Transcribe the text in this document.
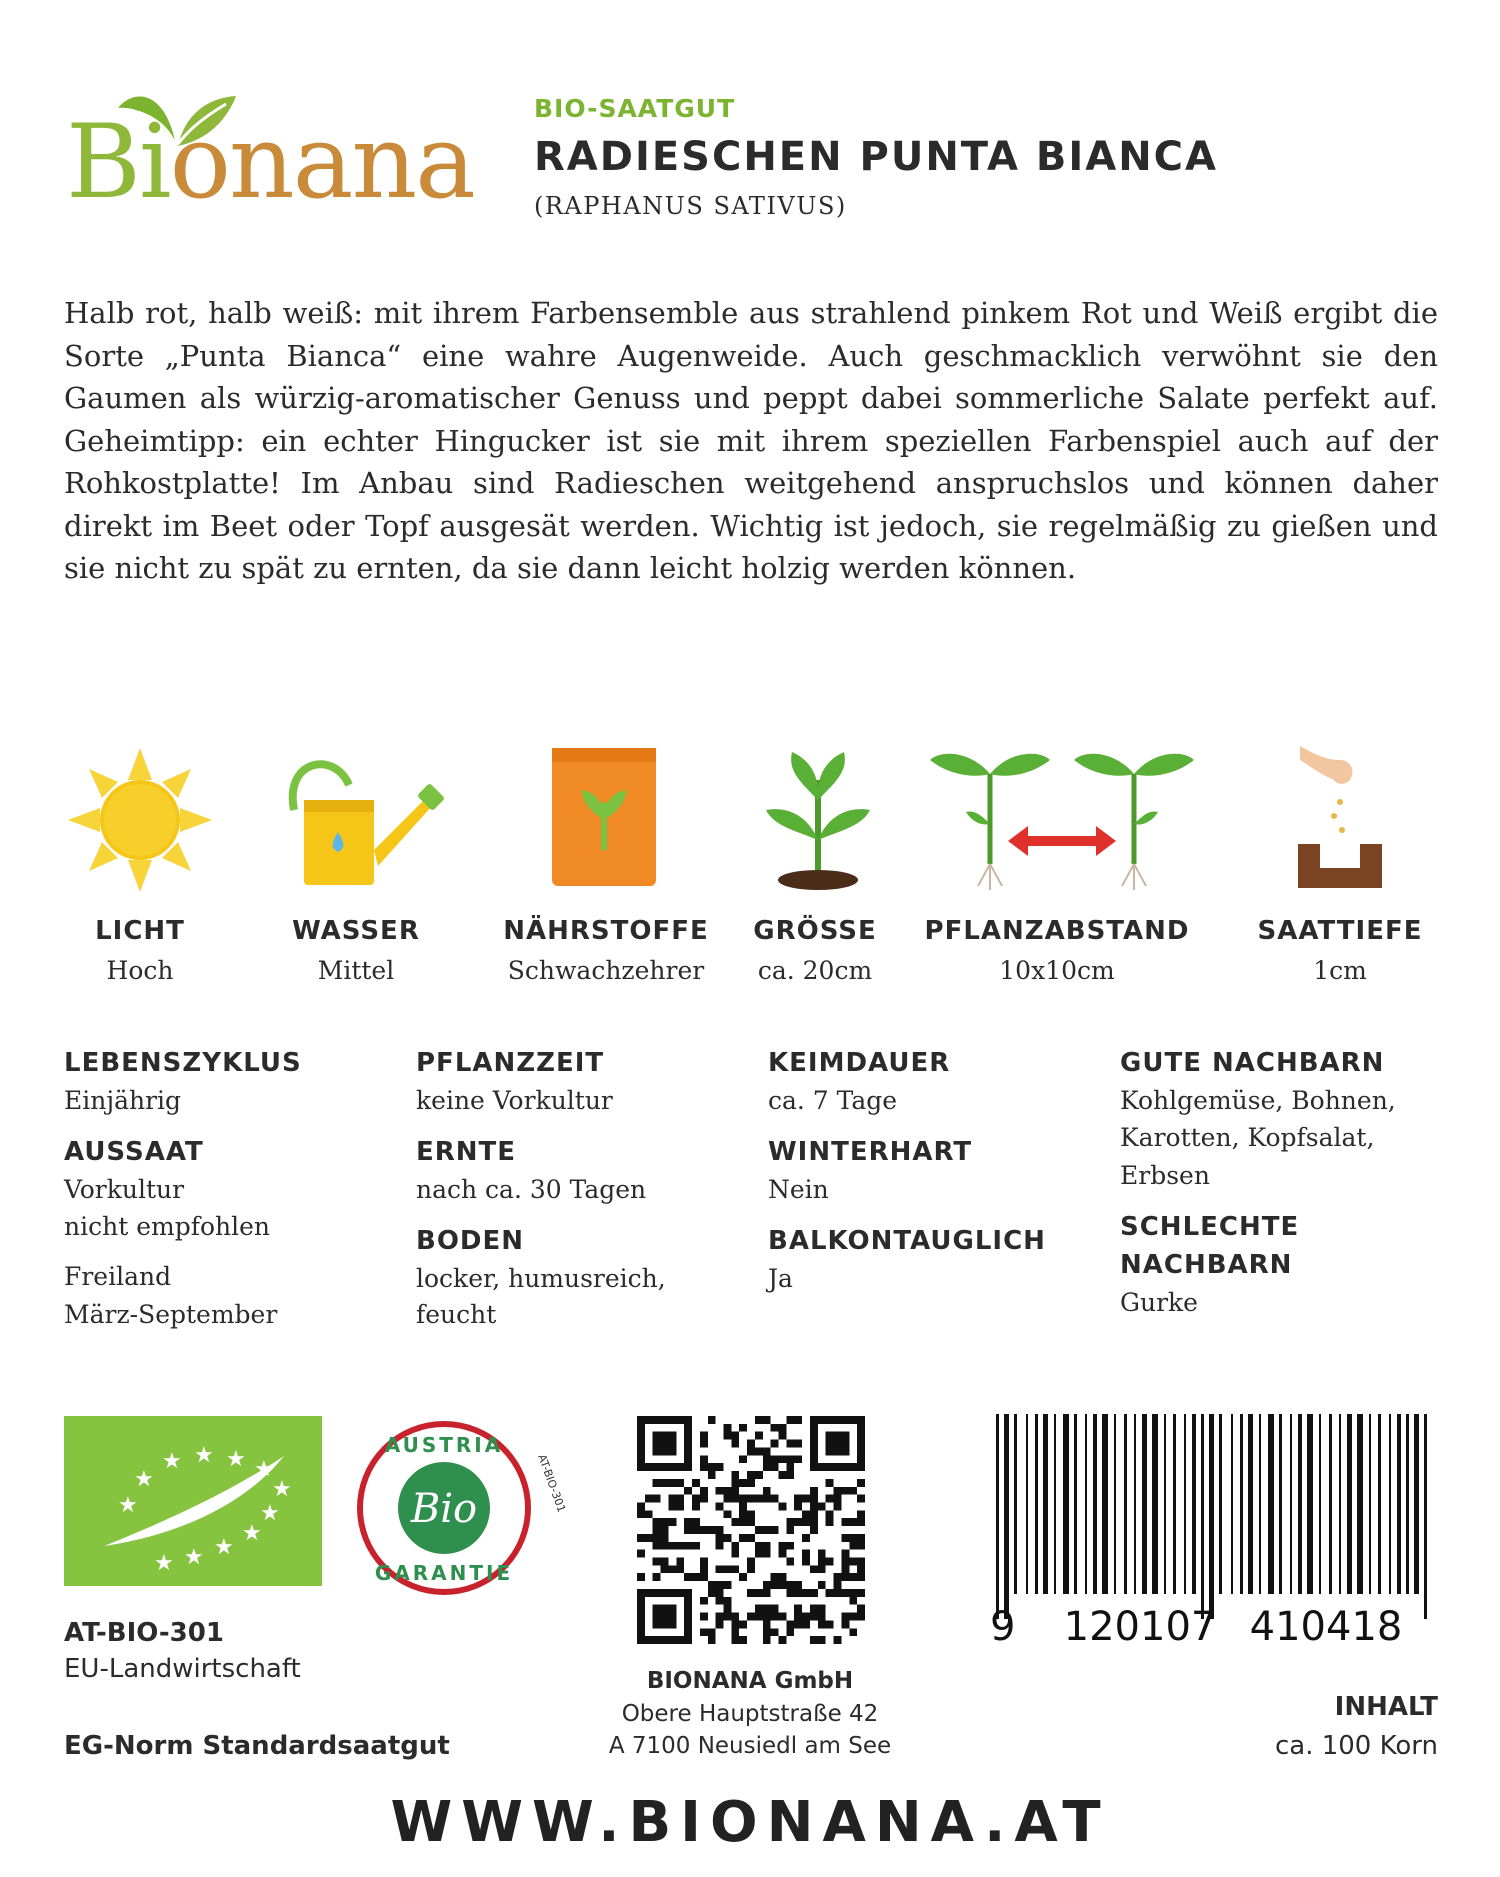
Bionana BIO-SAATGUT
RADIESCHEN PUNTA BIANCA
(RAPHANUS SATIVUS)
Halb rot, halb weiß: mit ihrem Farbensemble aus strahlend pinkem Rot und Weiß ergibt die Sorte „Punta Bianca“ eine wahre Augenweide. Auch geschmacklich verwöhnt sie den Gaumen als würzig-aromatischer Genuss und peppt dabei sommerliche Salate perfekt auf. Geheimtipp: ein echter Hingucker ist sie mit ihrem speziellen Farbenspiel auch auf der Rohkostplatte! Im Anbau sind Radieschen weitgehend anspruchslos und können daher direkt im Beet oder Topf ausgesät werden. Wichtig ist jedoch, sie regelmäßig zu gießen und sie nicht zu spät zu ernten, da sie dann leicht holzig werden können.
LICHT
Hoch
WASSER
Mittel
NÄHRSTOFFE
Schwachzehrer
GRÖSSE
ca. 20cm
PFLANZABSTAND
10x10cm
SAATTIEFE
1cm
LEBENSZYKLUS
Einjährig
AUSSAAT
Vorkultur
nicht empfohlen
Freiland
März-September
PFLANZZEIT
keine Vorkultur
ERNTE
nach ca. 30 Tagen
BODEN
locker, humusreich,
feucht
KEIMDAUER
ca. 7 Tage
WINTERHART
Nein
BALKONTAUGLICH
Ja
GUTE NACHBARN
Kohlgemüse, Bohnen,
Karotten, Kopfsalat,
Erbsen
SCHLECHTE
NACHBARN
Gurke
★ ★ ★ ★
★
★
★
★ ★
★
★
★	Bio
AUSTRIA
GARANTIE
AT-BIO-301
AT-BIO-301
EU-Landwirtschaft
EG-Norm Standardsaatgut
BIONANA GmbH
Obere Hauptstraße 42
A 7100 Neusiedl am See
9 120107 410418
INHALT
ca. 100 Korn
WWW.BIONANA.AT
